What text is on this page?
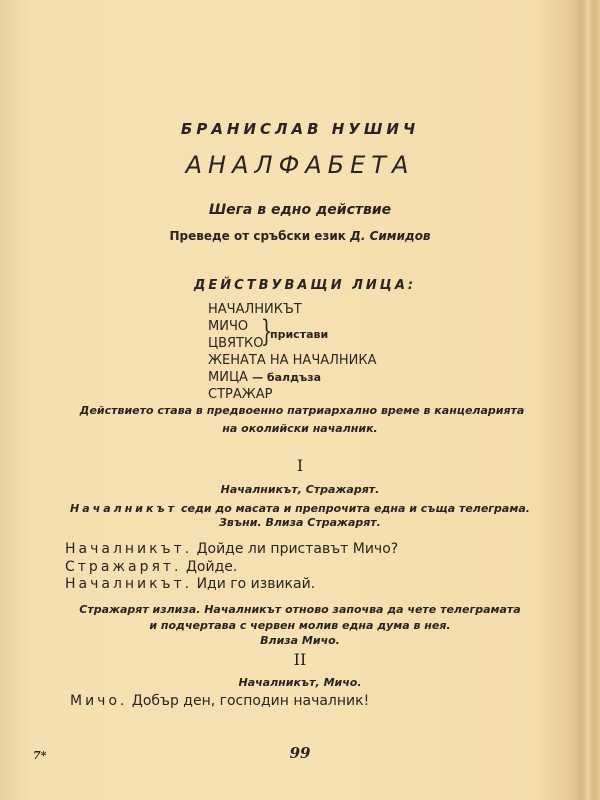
БРАНИСЛАВ НУШИЧ
АНАЛФАБЕТА
Шега в едно действие
Преведе от сръбски език Д. Симидов
ДЕЙСТВУВАЩИ ЛИЦА:
НАЧАЛНИКЪТ
МИЧО
ЦВЯТКО
ЖЕНАТА НА НАЧАЛНИКА
МИЦА — балдъза
СТРАЖАР
}
пристави
Действието става в предвоенно патриархално време в канцеларията
на околийски началник.
I
Началникът, Стражарят.
Началникът седи до масата и препрочита една и съща телеграма.
Звъни. Влиза Стражарят.
Началникът. Дойде ли приставът Мичо?
Стражарят. Дойде.
Началникът. Иди го извикай.
Стражарят излиза. Началникът отново започва да чете телеграмата
и подчертава с червен молив една дума в нея.
Влиза Мичо.
II
Началникът, Мичо.
Мичо. Добър ден, господин началник!
7*	99
